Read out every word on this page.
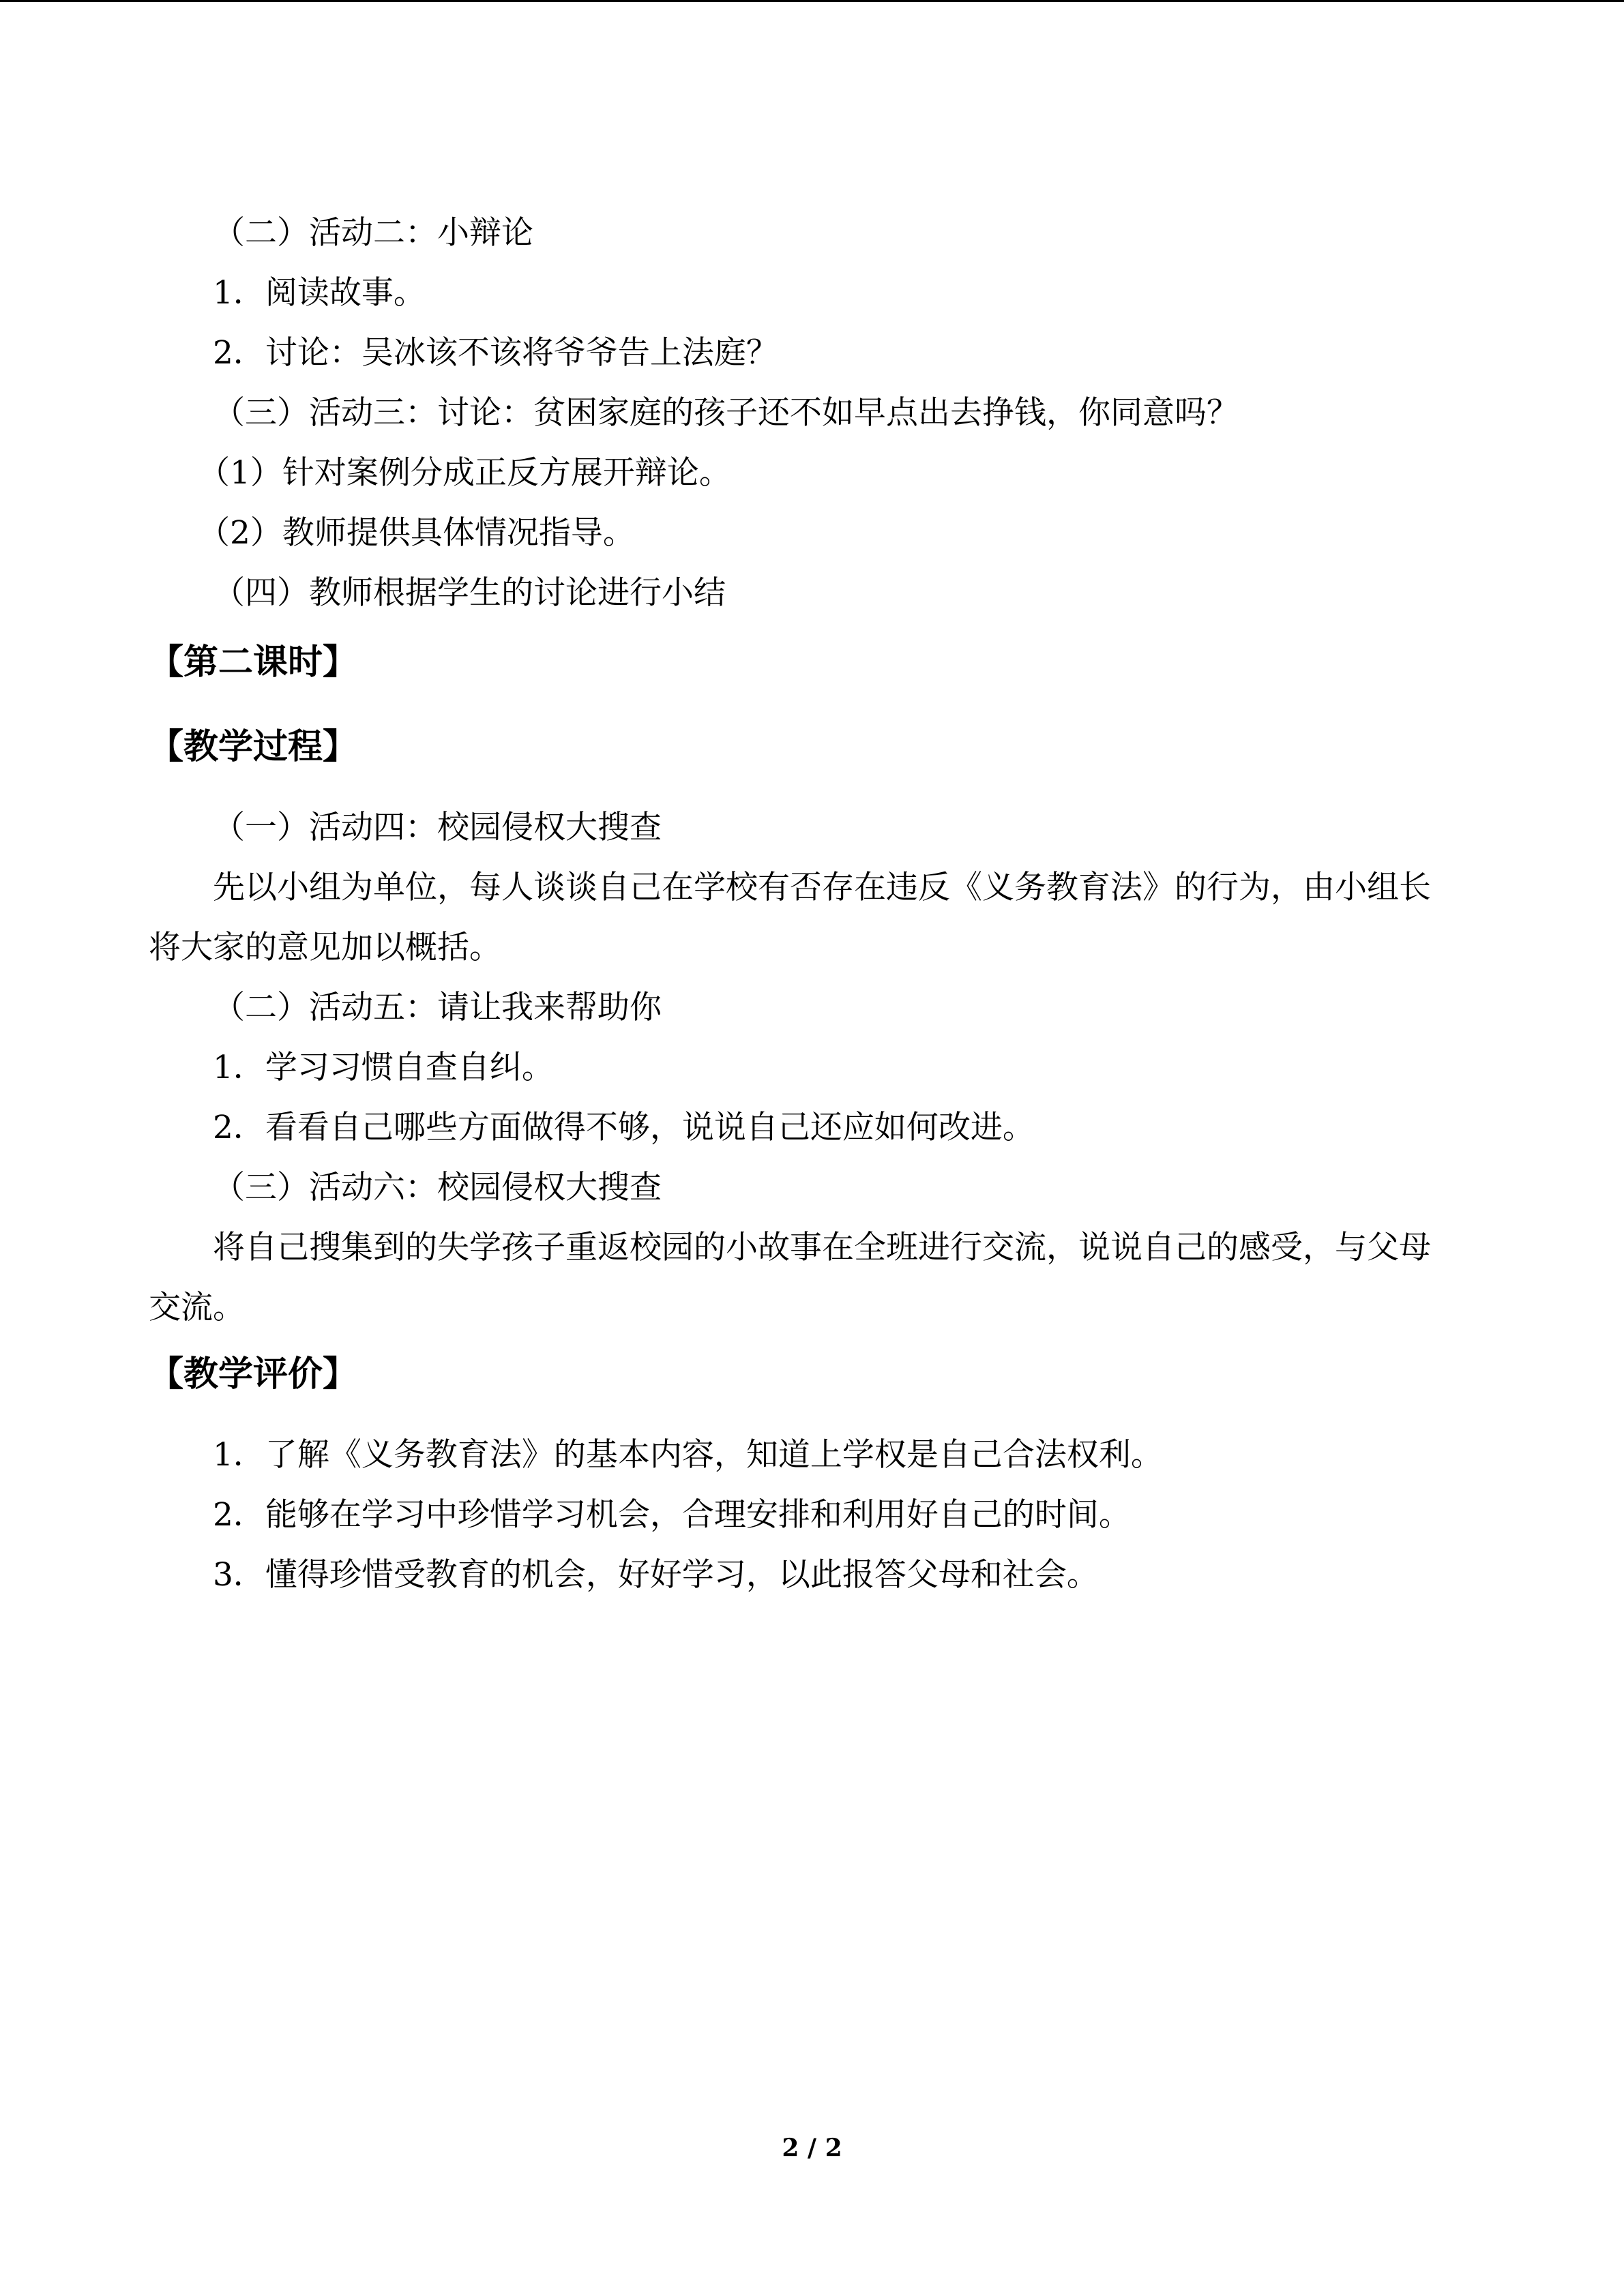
（二）活动二：小辩论

1．阅读故事。

2．讨论：吴冰该不该将爷爷告上法庭？

（三）活动三：讨论：贫困家庭的孩子还不如早点出去挣钱，你同意吗？

（1）针对案例分成正反方展开辩论。

（2）教师提供具体情况指导。

（四）教师根据学生的讨论进行小结

【第二课时】
【教学过程】

（一）活动四：校园侵权大搜查

先以小组为单位，每人谈谈自己在学校有否存在违反《义务教育法》的行为，由小组长

将大家的意见加以概括。

（二）活动五：请让我来帮助你

1．学习习惯自查自纠。

2．看看自己哪些方面做得不够，说说自己还应如何改进。

（三）活动六：校园侵权大搜查

将自己搜集到的失学孩子重返校园的小故事在全班进行交流，说说自己的感受，与父母

交流。

【教学评价】

1．了解《义务教育法》的基本内容，知道上学权是自己合法权利。

2．能够在学习中珍惜学习机会，合理安排和利用好自己的时间。

3．懂得珍惜受教育的机会，好好学习，以此报答父母和社会。

2 / 2
